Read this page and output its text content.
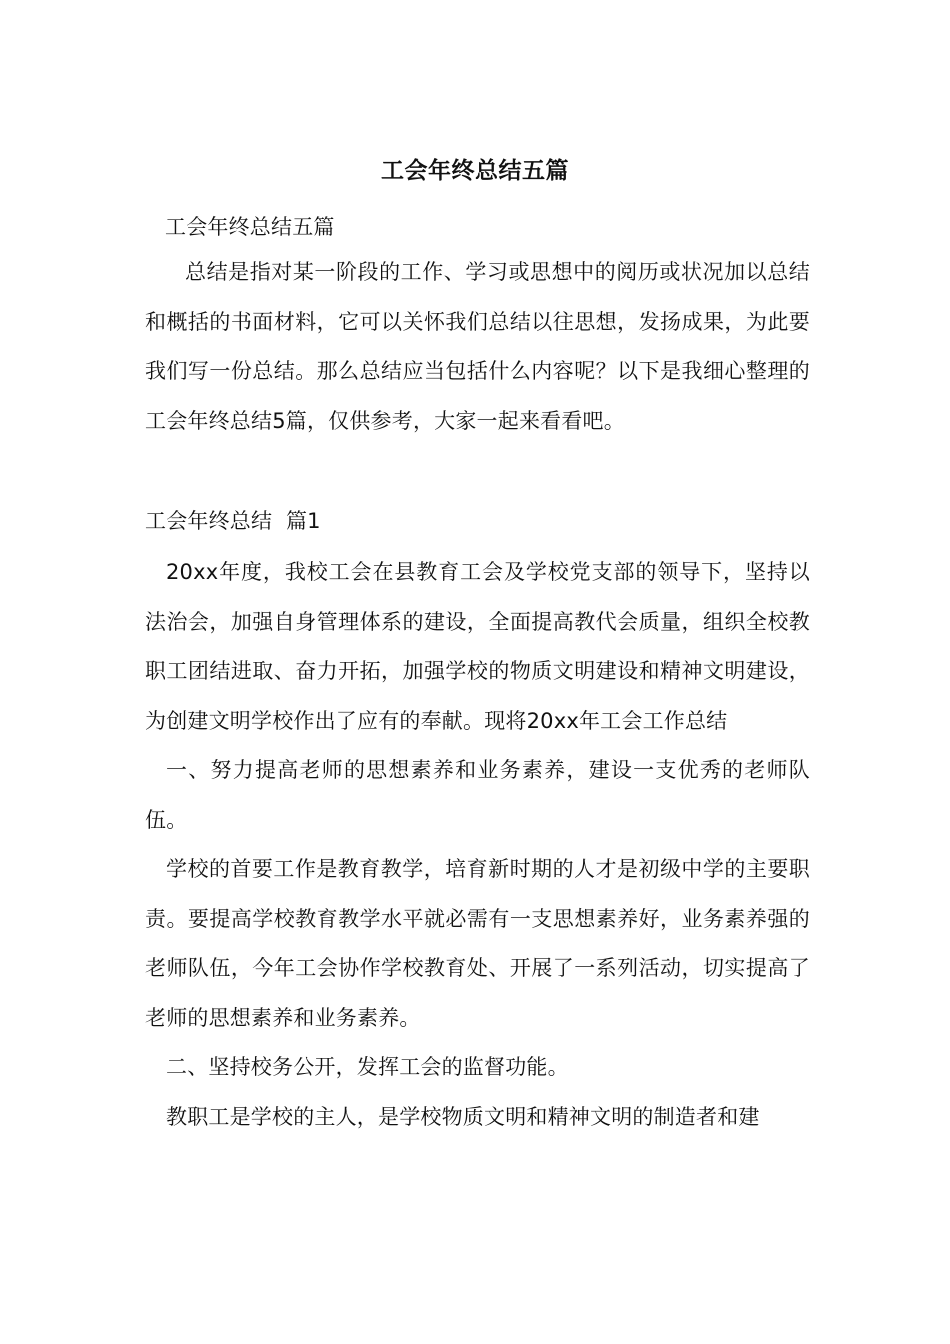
工会年终总结五篇
工会年终总结五篇
总结是指对某一阶段的工作、学习或思想中的阅历或状况加以总结和概括的书面材料，它可以关怀我们总结以往思想，发扬成果，为此要我们写一份总结。那么总结应当包括什么内容呢？以下是我细心整理的工会年终总结5篇，仅供参考，大家一起来看看吧。
工会年终总结  篇1

20xx年度，我校工会在县教育工会及学校党支部的领导下，坚持以法治会，加强自身管理体系的建设，全面提高教代会质量，组织全校教职工团结进取、奋力开拓，加强学校的物质文明建设和精神文明建设，为创建文明学校作出了应有的奉献。现将20xx年工会工作总结

一、努力提高老师的思想素养和业务素养，建设一支优秀的老师队伍。

学校的首要工作是教育教学，培育新时期的人才是初级中学的主要职责。要提高学校教育教学水平就必需有一支思想素养好，业务素养强的老师队伍，今年工会协作学校教育处、开展了一系列活动，切实提高了老师的思想素养和业务素养。

二、坚持校务公开，发挥工会的监督功能。

教职工是学校的主人，是学校物质文明和精神文明的制造者和建
